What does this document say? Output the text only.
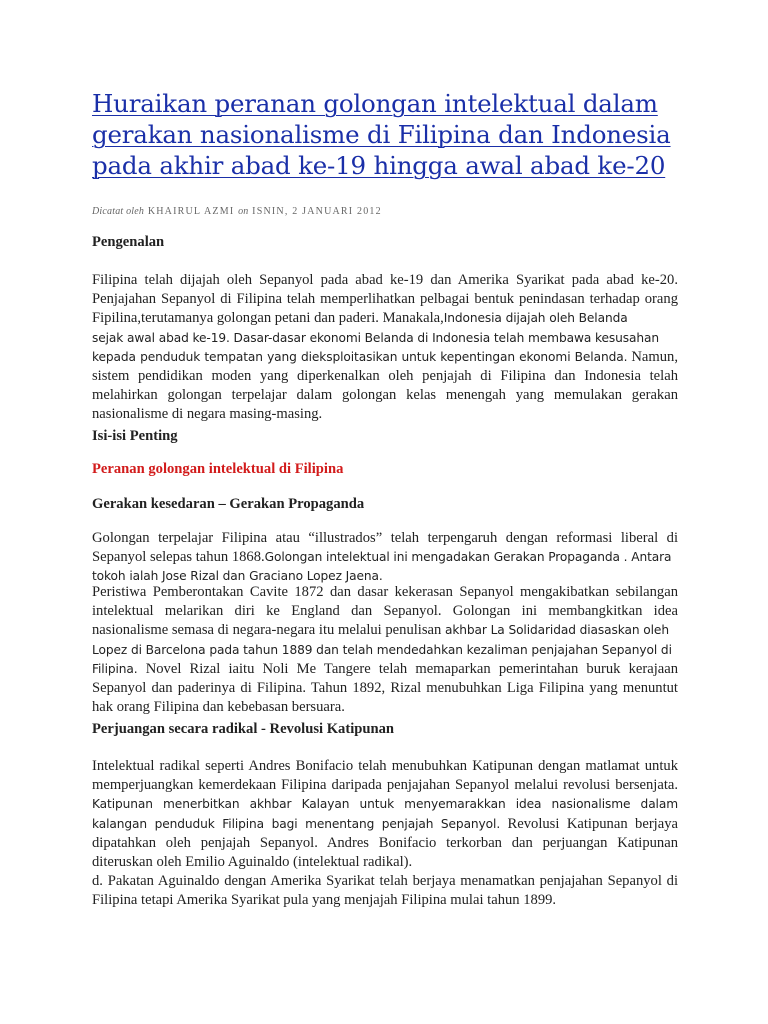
Huraikan peranan golongan intelektual dalam gerakan nasionalisme di Filipina dan Indonesia pada akhir abad ke-19 hingga awal abad ke-20
Dicatat oleh KHAIRUL AZMI on ISNIN, 2 JANUARI 2012
Pengenalan

Filipina telah dijajah oleh Sepanyol pada abad ke-19 dan Amerika Syarikat pada abad ke-20. Penjajahan Sepanyol di Filipina telah memperlihatkan pelbagai bentuk penindasan terhadap orang Fipilina,terutamanya golongan petani dan paderi. Manakala,Indonesia dijajah oleh Belanda
sejak awal abad ke-19. Dasar-dasar ekonomi Belanda di Indonesia telah membawa kesusahan
kepada penduduk tempatan yang dieksploitasikan untuk kepentingan ekonomi Belanda. Namun, sistem pendidikan moden yang diperkenalkan oleh penjajah di Filipina dan Indonesia telah melahirkan golongan terpelajar dalam golongan kelas menengah yang memulakan gerakan nasionalisme di negara masing-masing.

Isi-isi Penting
Peranan golongan intelektual di Filipina
Gerakan kesedaran – Gerakan Propaganda

Golongan terpelajar Filipina atau “illustrados” telah terpengaruh dengan reformasi liberal di Sepanyol selepas tahun 1868.Golongan intelektual ini mengadakan Gerakan Propaganda . Antara
tokoh ialah Jose Rizal dan Graciano Lopez Jaena.

Peristiwa Pemberontakan Cavite 1872 dan dasar kekerasan Sepanyol mengakibatkan sebilangan intelektual melarikan diri ke England dan Sepanyol. Golongan ini membangkitkan idea nasionalisme semasa di negara-negara itu melalui penulisan akhbar La Solidaridad diasaskan oleh
Lopez di Barcelona pada tahun 1889 dan telah mendedahkan kezaliman penjajahan Sepanyol di
Filipina. Novel Rizal iaitu Noli Me Tangere telah memaparkan pemerintahan buruk kerajaan Sepanyol dan paderinya di Filipina. Tahun 1892, Rizal menubuhkan Liga Filipina yang menuntut hak orang Filipina dan kebebasan bersuara.

Perjuangan secara radikal - Revolusi Katipunan

Intelektual radikal seperti Andres Bonifacio telah menubuhkan Katipunan dengan matlamat untuk memperjuangkan kemerdekaan Filipina daripada penjajahan Sepanyol melalui revolusi bersenjata. Katipunan menerbitkan akhbar Kalayan untuk menyemarakkan idea nasionalisme dalam kalangan penduduk Filipina bagi menentang penjajah Sepanyol. Revolusi Katipunan berjaya dipatahkan oleh penjajah Sepanyol. Andres Bonifacio terkorban dan perjuangan Katipunan diteruskan oleh Emilio Aguinaldo (intelektual radikal).
d. Pakatan Aguinaldo dengan Amerika Syarikat telah berjaya menamatkan penjajahan Sepanyol di Filipina tetapi Amerika Syarikat pula yang menjajah Filipina mulai tahun 1899.
